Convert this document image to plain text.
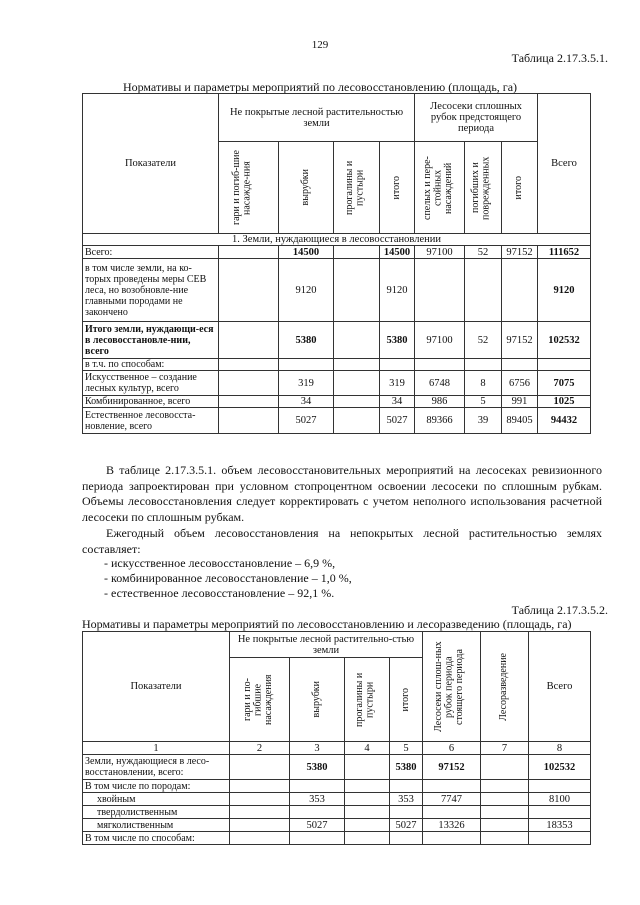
129
Таблица 2.17.3.5.1.
Нормативы и параметры мероприятий по лесовосстановлению (площадь, га)
Показатели	Не покрытые лесной растительностью земли				Лесосеки сплошных рубок предстоящего периода			Всего

	гари и погиб-шие насажде-ния	вырубки	прогалины и пустыри	итого	спелых и пере-стойных насаждений	погибших и поврежденных	итого	

1. Земли, нуждающиеся в лесовосстановлении								
Всего:		14500		14500	97100	52	97152	111652
в том числе земли, на ко-торых проведены меры СЕВ леса, но возобновле-ние главными породами не закончено		9120		9120				9120
Итого земли, нуждающи-еся в лесовосстановле-нии, всего		5380		5380	97100	52	97152	102532
в т.ч. по способам:								
Искусственное – создание лесных культур, всего		319		319	6748	8	6756	7075
Комбинированное, всего		34		34	986	5	991	1025
Естественное лесовосста-новление, всего		5027		5027	89366	39	89405	94432
В таблице 2.17.3.5.1. объем лесовосстановительных мероприятий на лесосеках ревизионного периода запроектирован при условном стопроцентном освоении лесосеки по сплошным рубкам. Объемы лесовосстановления следует корректировать с учетом неполного использования расчетной лесосеки по сплошным рубкам.
Ежегодный объем лесовосстановления на непокрытых лесной растительностью землях составляет:
- искусственное лесовосстановление – 6,9 %,
- комбинированное лесовосстановление – 1,0 %,
- естественное лесовосстановление – 92,1 %.
Таблица 2.17.3.5.2.
Нормативы и параметры мероприятий по лесовосстановлению и лесоразведению (площадь, га)
Показатели	Не покрытые лесной растительно-стью земли				Лесосеки сплош-ных рубок периода стоящего периода	Лесоразведение	Всего

	гари и по-гибшие насаждения	вырубки	прогалины и пустыри	итого			

1	2	3	4	5	6	7	8
Земли, нуждающиеся в лесо-восстановлении, всего:		5380		5380	97152		102532
В том числе по породам:							
хвойным		353		353	7747		8100
твердолиственным							
мягколиственным		5027		5027	13326		18353
В том числе по способам:							
